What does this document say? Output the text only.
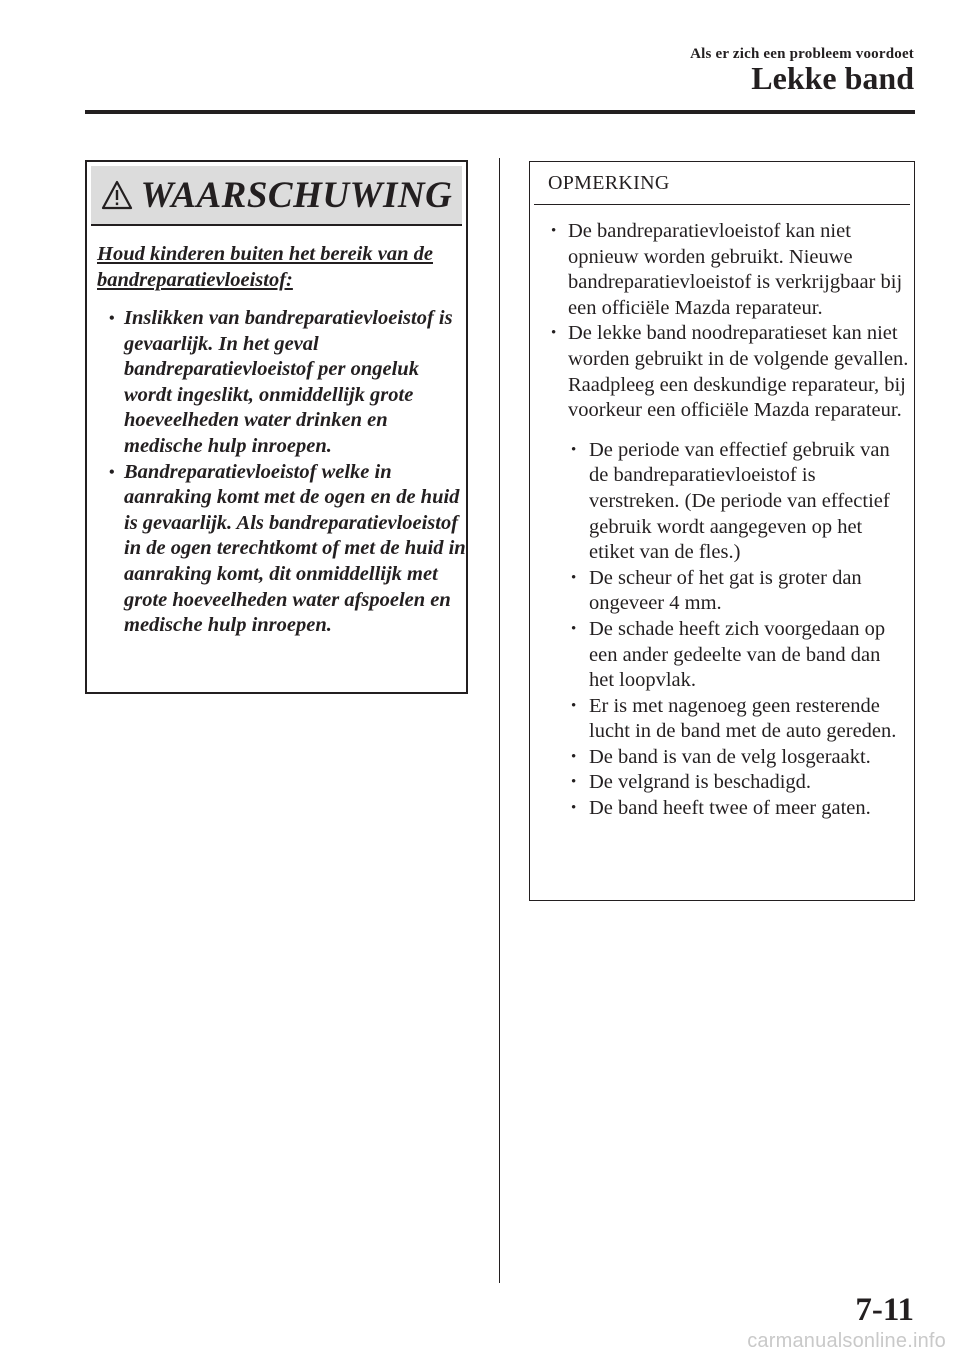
Als er zich een probleem voordoet
Lekke band
WAARSCHUWING
Houd kinderen buiten het bereik van de bandreparatievloeistof:
• Inslikken van bandreparatievloeistof is gevaarlijk. In het geval bandreparatievloeistof per ongeluk wordt ingeslikt, onmiddellijk grote hoeveelheden water drinken en medische hulp inroepen.
• Bandreparatievloeistof welke in aanraking komt met de ogen en de huid is gevaarlijk. Als bandreparatievloeistof in de ogen terechtkomt of met de huid in aanraking komt, dit onmiddellijk met grote hoeveelheden water afspoelen en medische hulp inroepen.
OPMERKING
• De bandreparatievloeistof kan niet opnieuw worden gebruikt. Nieuwe bandreparatievloeistof is verkrijgbaar bij een officiële Mazda reparateur.
• De lekke band noodreparatieset kan niet worden gebruikt in de volgende gevallen.
Raadpleeg een deskundige reparateur, bij voorkeur een officiële Mazda reparateur.
• De periode van effectief gebruik van de bandreparatievloeistof is verstreken. (De periode van effectief gebruik wordt aangegeven op het etiket van de fles.)
• De scheur of het gat is groter dan ongeveer 4 mm.
• De schade heeft zich voorgedaan op een ander gedeelte van de band dan het loopvlak.
• Er is met nagenoeg geen resterende lucht in de band met de auto gereden.
• De band is van de velg losgeraakt.
• De velgrand is beschadigd.
• De band heeft twee of meer gaten.
7-11
carmanualsonline.info
